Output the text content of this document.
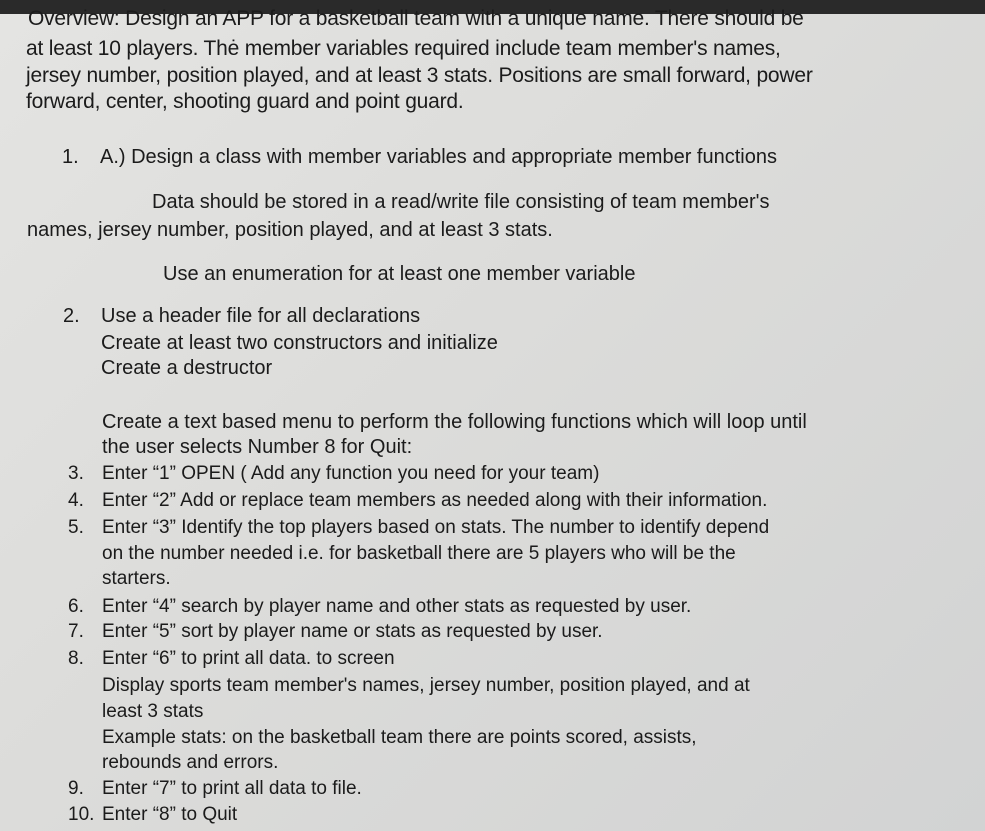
Overview: Design an APP for a basketball team with a unique name. There should be
at least 10 players. Thė member variables required include team member's names,
jersey number, position played, and at least 3 stats. Positions are small forward, power
forward, center, shooting guard and point guard.
1. A.) Design a class with member variables and appropriate member functions
Data should be stored in a read/write file consisting of team member's
names, jersey number, position played, and at least 3 stats.
Use an enumeration for at least one member variable
2. Use a header file for all declarations
Create at least two constructors and initialize
Create a destructor
Create a text based menu to perform the following functions which will loop until
the user selects Number 8 for Quit:
3. Enter “1” OPEN ( Add any function you need for your team)
4. Enter “2” Add or replace team members as needed along with their information.
5. Enter “3” Identify the top players based on stats. The number to identify depend
on the number needed i.e. for basketball there are 5 players who will be the
starters.
6. Enter “4” search by player name and other stats as requested by user.
7. Enter “5” sort by player name or stats as requested by user.
8. Enter “6” to print all data. to screen
Display sports team member's names, jersey number, position played, and at
least 3 stats
Example stats: on the basketball team there are points scored, assists,
rebounds and errors.
9. Enter “7” to print all data to file.
10. Enter “8” to Quit
